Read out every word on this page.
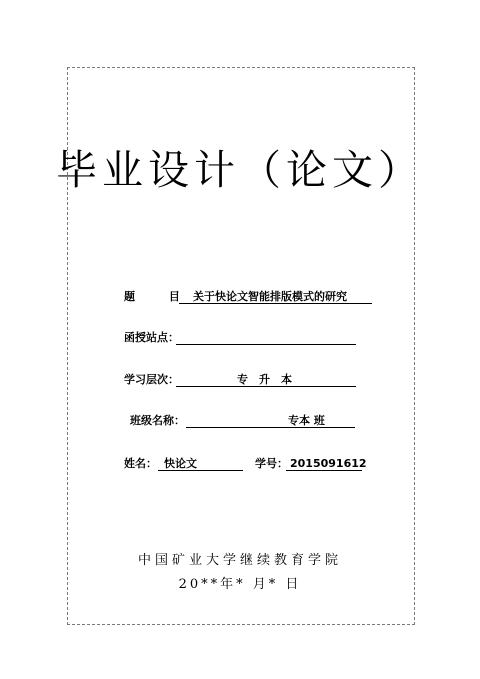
毕业设计（论文）
题 目：
关于快论文智能排版模式的研究
函授站点：
学习层次：	专　升　本
班级名称：	专本 班
姓名： 快论文	学号： 2015091612
中国矿业大学继续教育学院
20**年* 月* 日
